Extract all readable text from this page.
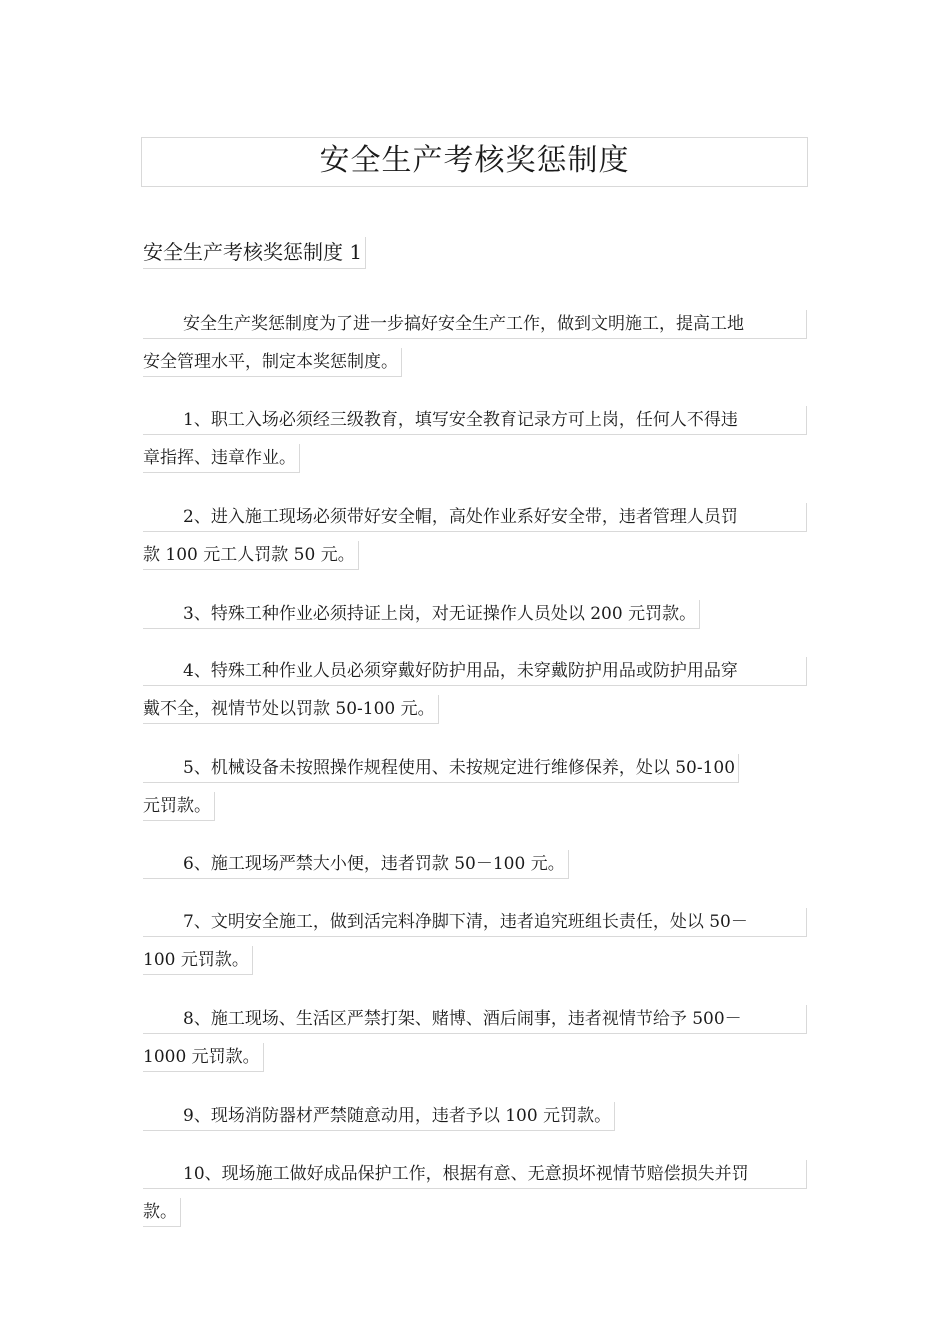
安全生产考核奖惩制度
安全生产考核奖惩制度 1
安全生产奖惩制度为了进一步搞好安全生产工作，做到文明施工，提高工地
安全管理水平，制定本奖惩制度。
1、职工入场必须经三级教育，填写安全教育记录方可上岗，任何人不得违
章指挥、违章作业。
2、进入施工现场必须带好安全帽，高处作业系好安全带，违者管理人员罚
款 100 元工人罚款 50 元。
3、特殊工种作业必须持证上岗，对无证操作人员处以 200 元罚款。
4、特殊工种作业人员必须穿戴好防护用品，未穿戴防护用品或防护用品穿
戴不全，视情节处以罚款 50-100 元。
5、机械设备未按照操作规程使用、未按规定进行维修保养，处以 50-100
元罚款。
6、施工现场严禁大小便，违者罚款 50－100 元。
7、文明安全施工，做到活完料净脚下清，违者追究班组长责任，处以 50－
100 元罚款。
8、施工现场、生活区严禁打架、赌博、酒后闹事，违者视情节给予 500－
1000 元罚款。
9、现场消防器材严禁随意动用，违者予以 100 元罚款。
10、现场施工做好成品保护工作，根据有意、无意损坏视情节赔偿损失并罚
款。
